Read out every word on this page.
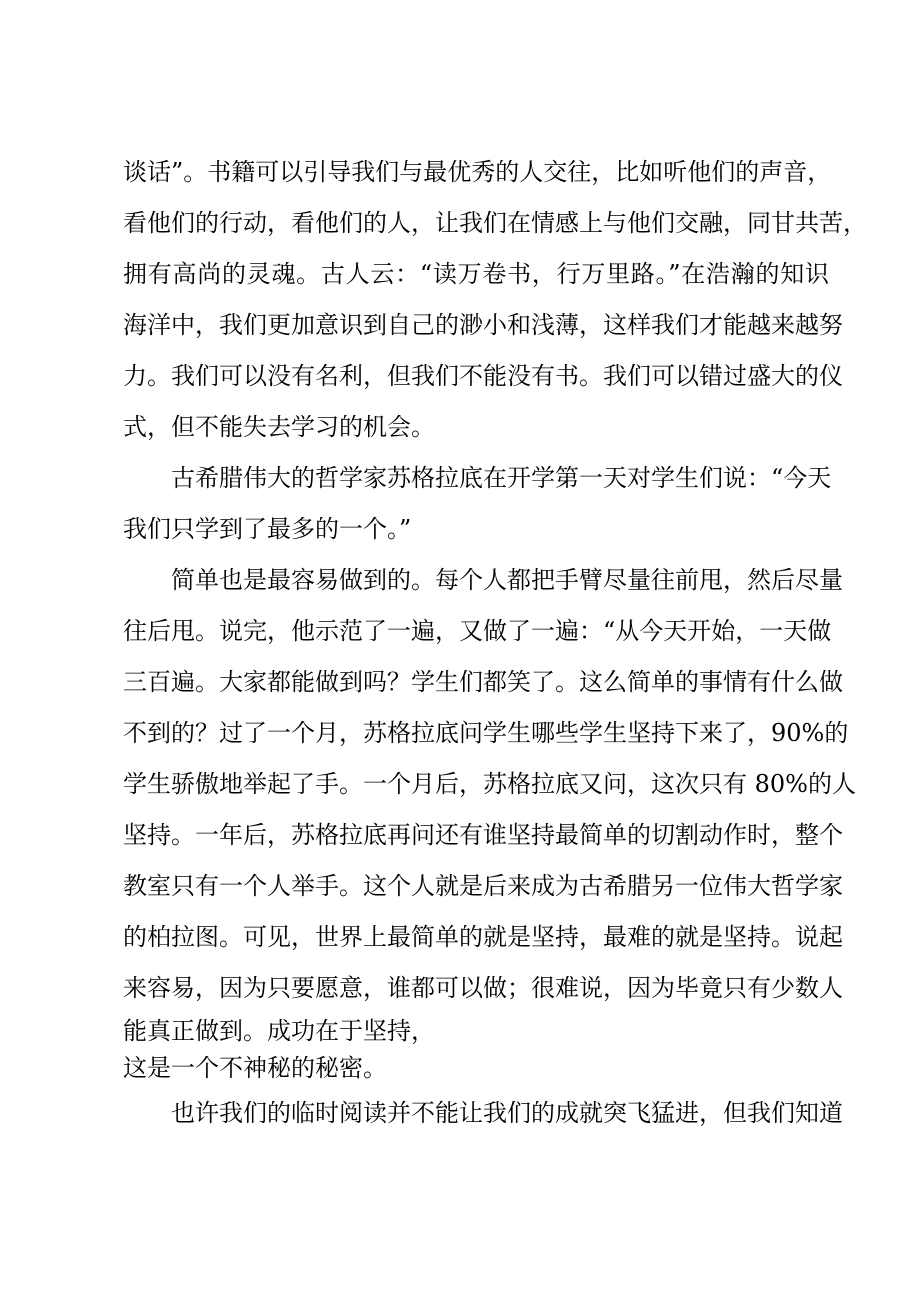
谈话”。书籍可以引导我们与最优秀的人交往，比如听他们的声音，
看他们的行动，看他们的人，让我们在情感上与他们交融，同甘共苦，
拥有高尚的灵魂。古人云：“读万卷书，行万里路。”在浩瀚的知识
海洋中，我们更加意识到自己的渺小和浅薄，这样我们才能越来越努
力。我们可以没有名利，但我们不能没有书。我们可以错过盛大的仪
式，但不能失去学习的机会。
古希腊伟大的哲学家苏格拉底在开学第一天对学生们说：“今天
我们只学到了最多的一个。”
简单也是最容易做到的。每个人都把手臂尽量往前甩，然后尽量
往后甩。说完，他示范了一遍，又做了一遍：“从今天开始，一天做
三百遍。大家都能做到吗？学生们都笑了。这么简单的事情有什么做
不到的？过了一个月，苏格拉底问学生哪些学生坚持下来了，90%的
学生骄傲地举起了手。一个月后，苏格拉底又问，这次只有 80%的人
坚持。一年后，苏格拉底再问还有谁坚持最简单的切割动作时，整个
教室只有一个人举手。这个人就是后来成为古希腊另一位伟大哲学家
的柏拉图。可见，世界上最简单的就是坚持，最难的就是坚持。说起
来容易，因为只要愿意，谁都可以做；很难说，因为毕竟只有少数人
能真正做到。成功在于坚持，
这是一个不神秘的秘密。
也许我们的临时阅读并不能让我们的成就突飞猛进，但我们知道
